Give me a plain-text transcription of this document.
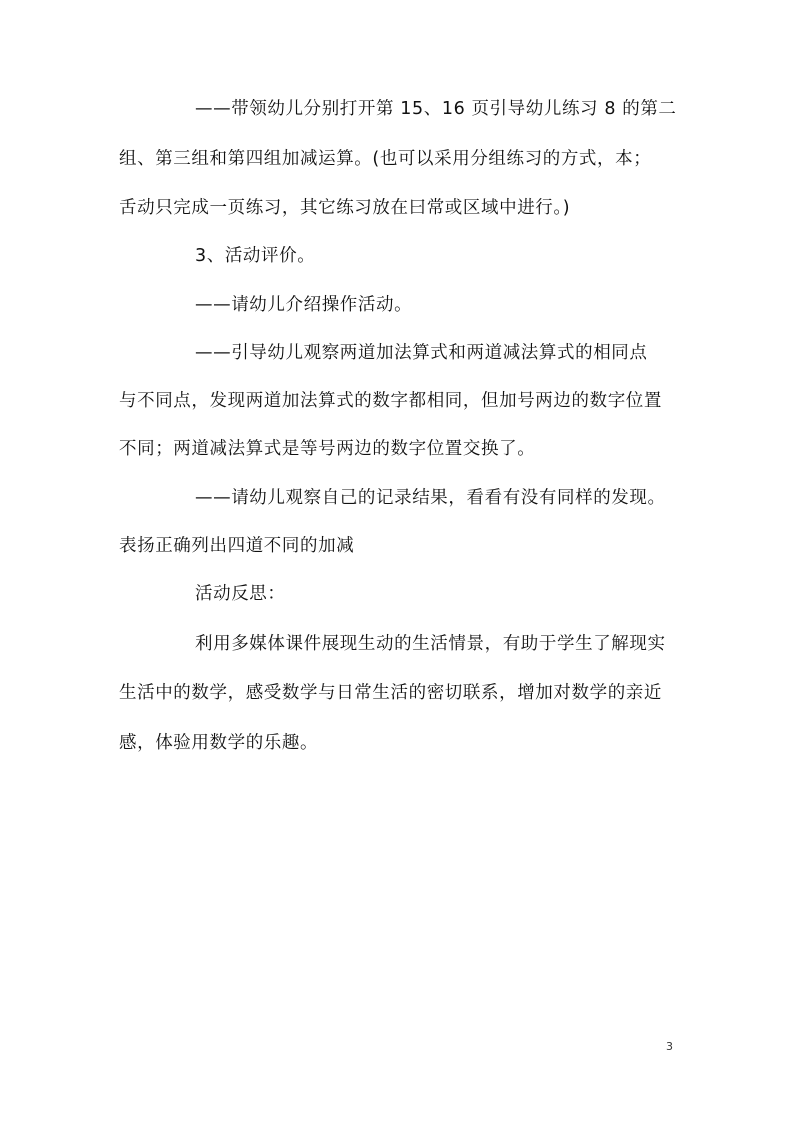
——带领幼儿分别打开第 15、16 页引导幼儿练习 8 的第二
组、第三组和第四组加减运算。(也可以采用分组练习的方式，本；
舌动只完成一页练习，其它练习放在曰常或区域中进行。)
3、活动评价。
——请幼儿介绍操作活动。
——引导幼儿观察两道加法算式和两道减法算式的相同点
与不同点，发现两道加法算式的数字都相同，但加号两边的数字位置
不同；两道减法算式是等号两边的数字位置交换了。
——请幼儿观察自己的记录结果，看看有没有同样的发现。
表扬正确列出四道不同的加减
活动反思：
利用多媒体课件展现生动的生活情景，有助于学生了解现实
生活中的数学，感受数学与日常生活的密切联系，增加对数学的亲近
感，体验用数学的乐趣。
3
